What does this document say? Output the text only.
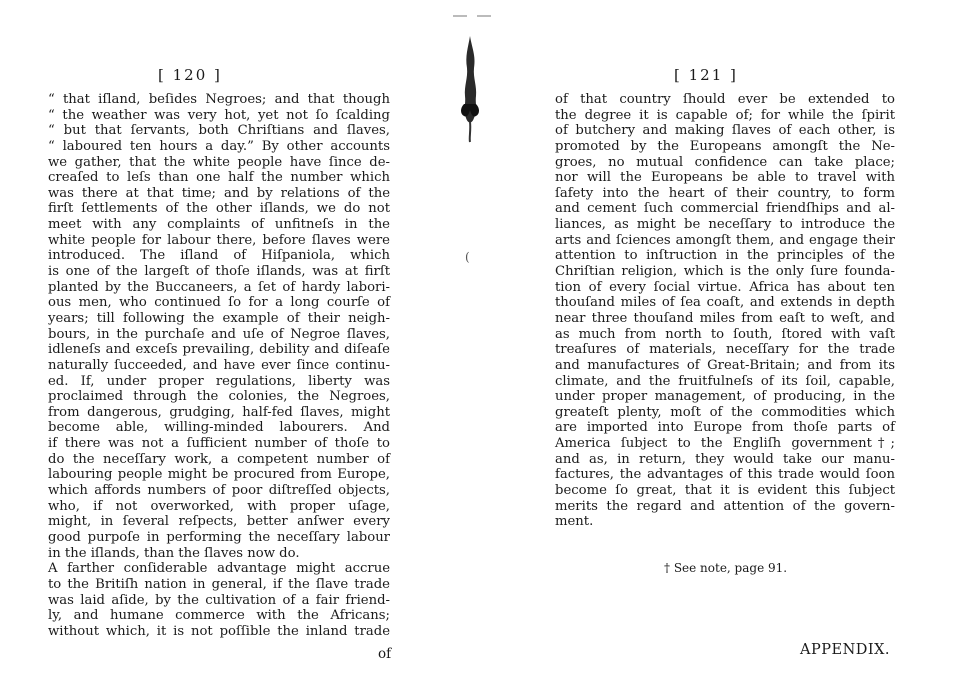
(
[ 120 ]	[ 121 ]
“ that iſland, beſides Negroes; and that though
“ the weather was very hot, yet not ſo ſcalding
“ but that ſervants, both Chriſtians and ſlaves,
“ laboured ten hours a day.” By other accounts
we gather, that the white people have ſince de-
creaſed to leſs than one half the number which
was there at that time; and by relations of the
firſt ſettlements of the other iſlands, we do not
meet with any complaints of unfitneſs in the
white people for labour there, before ſlaves were
introduced. The iſland of Hiſpaniola, which
is one of the largeſt of thoſe iſlands, was at firſt
planted by the Buccaneers, a ſet of hardy labori-
ous men, who continued ſo for a long courſe of
years; till following the example of their neigh-
bours, in the purchaſe and uſe of Negroe ſlaves,
idleneſs and exceſs prevailing, debility and diſeaſe
naturally ſucceeded, and have ever ſince continu-
ed. If, under proper regulations, liberty was
proclaimed through the colonies, the Negroes,
from dangerous, grudging, half-fed ſlaves, might
become able, willing-minded labourers. And
if there was not a ſufficient number of thoſe to
do the neceſſary work, a competent number of
labouring people might be procured from Europe,
which affords numbers of poor diſtreſſed objects,
who, if not overworked, with proper uſage,
might, in ſeveral reſpects, better anſwer every
good purpoſe in performing the neceſſary labour
in the iſlands, than the ſlaves now do.
A farther conſiderable advantage might accrue
to the Britiſh nation in general, if the ſlave trade
was laid aſide, by the cultivation of a fair friend-
ly, and humane commerce with the Africans;
without which, it is not poſſible the inland trade
of
of that country ſhould ever be extended to
the degree it is capable of; for while the ſpirit
of butchery and making ſlaves of each other, is
promoted by the Europeans amongſt the Ne-
groes, no mutual confidence can take place;
nor will the Europeans be able to travel with
ſafety into the heart of their country, to form
and cement ſuch commercial friendſhips and al-
liances, as might be neceſſary to introduce the
arts and ſciences amongſt them, and engage their
attention to inſtruction in the principles of the
Chriſtian religion, which is the only ſure founda-
tion of every ſocial virtue. Africa has about ten
thouſand miles of ſea coaſt, and extends in depth
near three thouſand miles from eaſt to weſt, and
as much from north to ſouth, ſtored with vaſt
treaſures of materials, neceſſary for the trade
and manufactures of Great-Britain; and from its
climate, and the fruitfulneſs of its ſoil, capable,
under proper management, of producing, in the
greateſt plenty, moſt of the commodities which
are imported into Europe from thoſe parts of
America ſubject to the Engliſh government†;
and as, in return, they would take our manu-
factures, the advantages of this trade would ſoon
become ſo great, that it is evident this ſubject
merits the regard and attention of the govern-
ment.
† See note, page 91.
APPENDIX.
